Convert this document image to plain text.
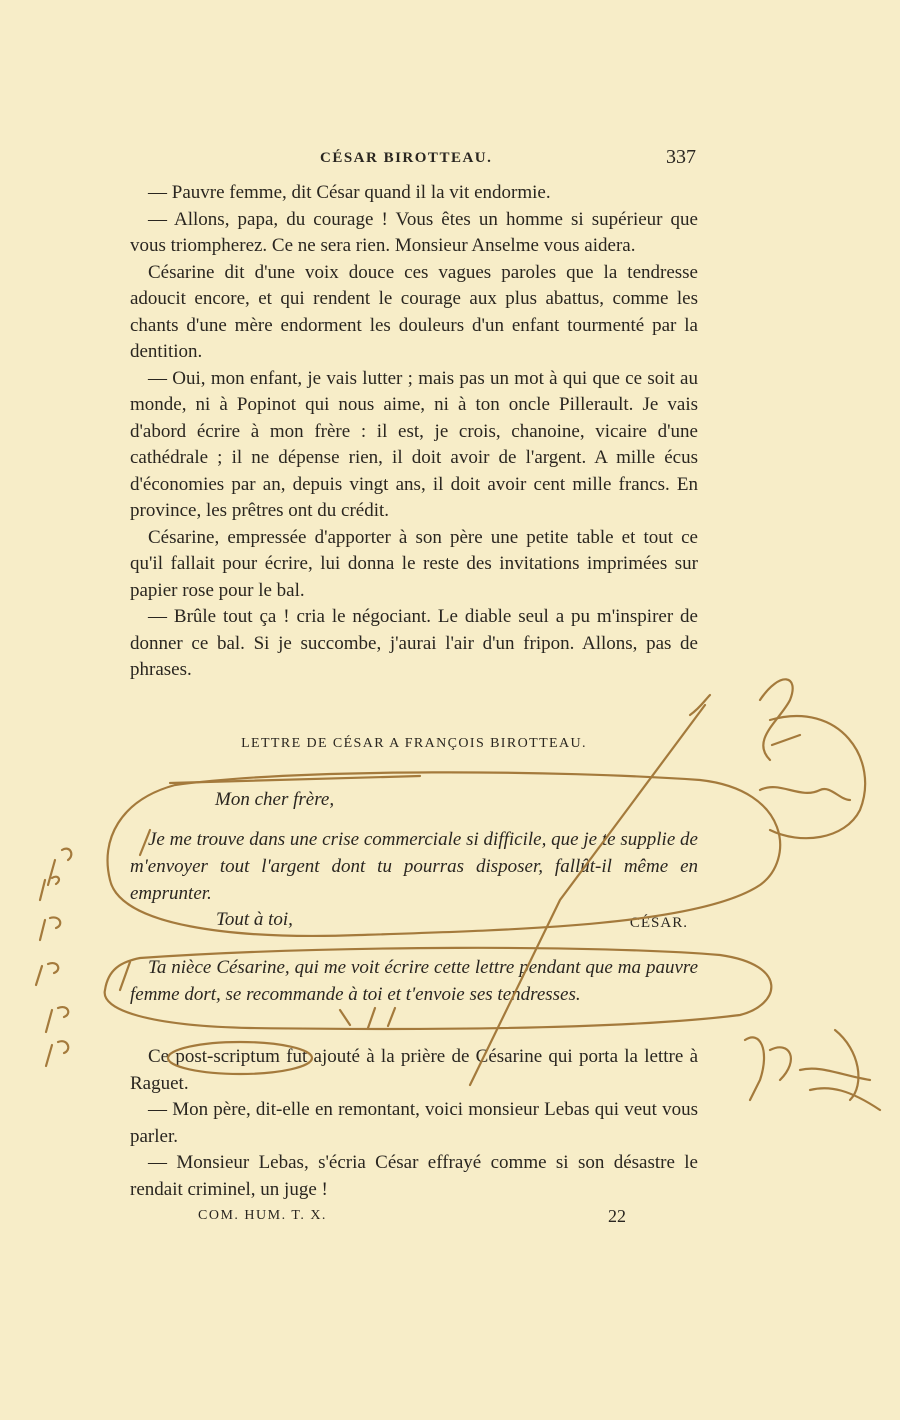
CÉSAR BIROTTEAU.	337

— Pauvre femme, dit César quand il la vit endormie.

— Allons, papa, du courage ! Vous êtes un homme si supérieur que vous triompherez. Ce ne sera rien. Monsieur Anselme vous aidera.

Césarine dit d'une voix douce ces vagues paroles que la tendresse adoucit encore, et qui rendent le courage aux plus abattus, comme les chants d'une mère endorment les douleurs d'un enfant tourmenté par la dentition.

— Oui, mon enfant, je vais lutter ; mais pas un mot à qui que ce soit au monde, ni à Popinot qui nous aime, ni à ton oncle Pillerault. Je vais d'abord écrire à mon frère : il est, je crois, chanoine, vicaire d'une cathédrale ; il ne dépense rien, il doit avoir de l'argent. A mille écus d'économies par an, depuis vingt ans, il doit avoir cent mille francs. En province, les prêtres ont du crédit.

Césarine, empressée d'apporter à son père une petite table et tout ce qu'il fallait pour écrire, lui donna le reste des invitations imprimées sur papier rose pour le bal.

— Brûle tout ça ! cria le négociant. Le diable seul a pu m'inspirer de donner ce bal. Si je succombe, j'aurai l'air d'un fripon. Allons, pas de phrases.

LETTRE DE CÉSAR A FRANÇOIS BIROTTEAU.
Mon cher frère,

Je me trouve dans une crise commerciale si difficile, que je te supplie de m'envoyer tout l'argent dont tu pourras disposer, fallût-il même en emprunter.

Tout à toi,	CÉSAR.

Ta nièce Césarine, qui me voit écrire cette lettre pendant que ma pauvre femme dort, se recommande à toi et t'envoie ses tendresses.

Ce post-scriptum fut ajouté à la prière de Césarine qui porta la lettre à Raguet.

— Mon père, dit-elle en remontant, voici monsieur Lebas qui veut vous parler.

— Monsieur Lebas, s'écria César effrayé comme si son désastre le rendait criminel, un juge !

COM. HUM. T. X.	22
